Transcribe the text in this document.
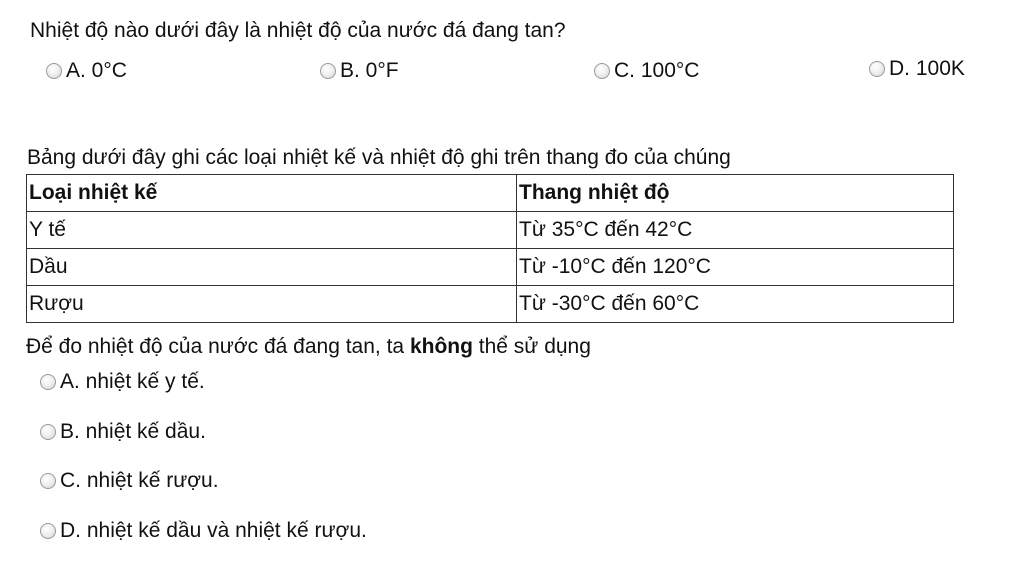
Nhiệt độ nào dưới đây là nhiệt độ của nước đá đang tan?
A. 0°C	B. 0°F	C. 100°C	D. 100K
Bảng dưới đây ghi các loại nhiệt kế và nhiệt độ ghi trên thang đo của chúng
Loại nhiệt kế	Thang nhiệt độ
Y tế	Từ 35°C đến 42°C
Dầu	Từ -10°C đến 120°C
Rượu	Từ -30°C đến 60°C
Để đo nhiệt độ của nước đá đang tan, ta không thể sử dụng
A. nhiệt kế y tế.
B. nhiệt kế dầu.
C. nhiệt kế rượu.
D. nhiệt kế dầu và nhiệt kế rượu.
